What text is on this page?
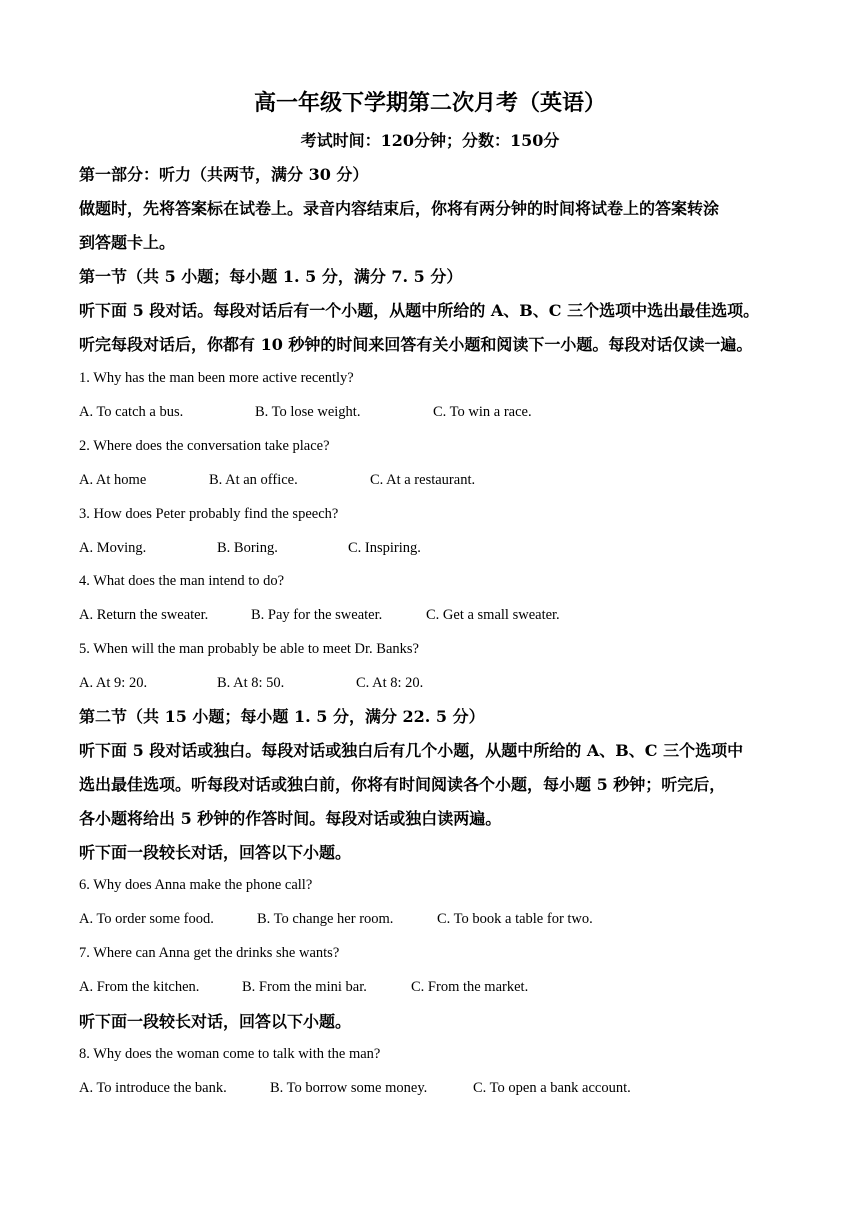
高一年级下学期第二次月考（英语）
考试时间：120分钟；分数：150分
第一部分：听力（共两节，满分 30 分）
做题时，先将答案标在试卷上。录音内容结束后，你将有两分钟的时间将试卷上的答案转涂
到答题卡上。
第一节（共 5 小题；每小题 1. 5 分，满分 7. 5 分）
听下面 5 段对话。每段对话后有一个小题，从题中所给的 A、B、C 三个选项中选出最佳选项。
听完每段对话后，你都有 10 秒钟的时间来回答有关小题和阅读下一小题。每段对话仅读一遍。
1. Why has the man been more active recently?
A. To catch a bus.	B. To lose weight.	C. To win a race.
2. Where does the conversation take place?
A. At home	B. At an office.	C. At a restaurant.
3. How does Peter probably find the speech?
A. Moving.	B. Boring.	C. Inspiring.
4. What does the man intend to do?
A. Return the sweater.	B. Pay for the sweater.	C. Get a small sweater.
5. When will the man probably be able to meet Dr. Banks?
A. At 9: 20.	B. At 8: 50.	C. At 8: 20.
第二节（共 15 小题；每小题 1. 5 分，满分 22. 5 分）
听下面 5 段对话或独白。每段对话或独白后有几个小题，从题中所给的 A、B、C 三个选项中
选出最佳选项。听每段对话或独白前，你将有时间阅读各个小题，每小题 5 秒钟；听完后，
各小题将给出 5 秒钟的作答时间。每段对话或独白读两遍。
听下面一段较长对话，回答以下小题。
6. Why does Anna make the phone call?
A. To order some food.	B. To change her room.	C. To book a table for two.
7. Where can Anna get the drinks she wants?
A. From the kitchen.	B. From the mini bar.	C. From the market.
听下面一段较长对话，回答以下小题。
8. Why does the woman come to talk with the man?
A. To introduce the bank.	B. To borrow some money.	C. To open a bank account.
